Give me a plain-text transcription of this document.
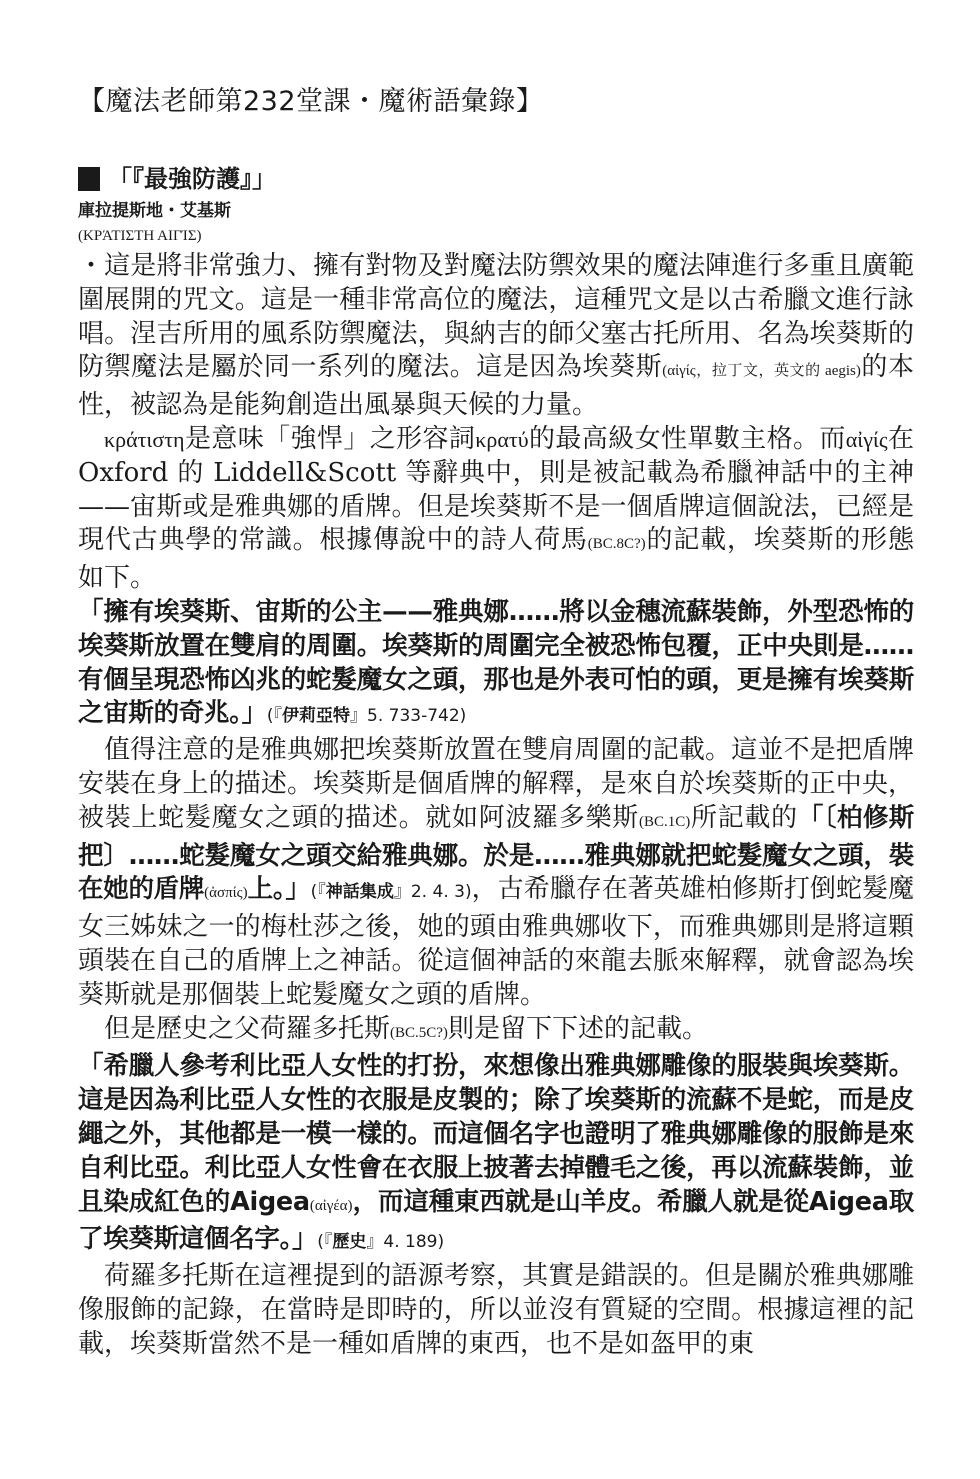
【魔法老師第232堂課・魔術語彙錄】
「『最強防護』」
庫拉提斯地・艾基斯
(ΚΡΆΤΙΣΤΗ ΑΙΓΊΣ)

・這是將非常強力、擁有對物及對魔法防禦效果的魔法陣進行多重且廣範圍展開的咒文。這是一種非常高位的魔法，這種咒文是以古希臘文進行詠唱。涅吉所用的風系防禦魔法，與納吉的師父塞古托所用、名為埃葵斯的防禦魔法是屬於同一系列的魔法。這是因為埃葵斯(αἰγίς，拉丁文，英文的 aegis)的本性，被認為是能夠創造出風暴與天候的力量。

κράτιστη是意味「強悍」之形容詞κρατύ的最高級女性單數主格。而αἰγίς在 Oxford 的 Liddell&Scott 等辭典中，則是被記載為希臘神話中的主神——宙斯或是雅典娜的盾牌。但是埃葵斯不是一個盾牌這個說法，已經是現代古典學的常識。根據傳說中的詩人荷馬(BC.8C?)的記載，埃葵斯的形態如下。

「擁有埃葵斯、宙斯的公主——雅典娜……將以金穗流蘇裝飾，外型恐怖的埃葵斯放置在雙肩的周圍。埃葵斯的周圍完全被恐怖包覆，正中央則是……有個呈現恐怖凶兆的蛇髮魔女之頭，那也是外表可怕的頭，更是擁有埃葵斯之宙斯的奇兆。」(『伊莉亞特』5. 733-742)

值得注意的是雅典娜把埃葵斯放置在雙肩周圍的記載。這並不是把盾牌安裝在身上的描述。埃葵斯是個盾牌的解釋，是來自於埃葵斯的正中央，被裝上蛇髮魔女之頭的描述。就如阿波羅多樂斯(BC.1C)所記載的「〔柏修斯把〕……蛇髮魔女之頭交給雅典娜。於是……雅典娜就把蛇髮魔女之頭，裝在她的盾牌(ἀσπίς)上。」(『神話集成』2. 4. 3)，古希臘存在著英雄柏修斯打倒蛇髮魔女三姊妹之一的梅杜莎之後，她的頭由雅典娜收下，而雅典娜則是將這顆頭裝在自己的盾牌上之神話。從這個神話的來龍去脈來解釋，就會認為埃葵斯就是那個裝上蛇髮魔女之頭的盾牌。

但是歷史之父荷羅多托斯(BC.5C?)則是留下下述的記載。

「希臘人參考利比亞人女性的打扮，來想像出雅典娜雕像的服裝與埃葵斯。這是因為利比亞人女性的衣服是皮製的；除了埃葵斯的流蘇不是蛇，而是皮繩之外，其他都是一模一樣的。而這個名字也證明了雅典娜雕像的服飾是來自利比亞。利比亞人女性會在衣服上披著去掉體毛之後，再以流蘇裝飾，並且染成紅色的Aigea(αἰγέα)，而這種東西就是山羊皮。希臘人就是從Aigea取了埃葵斯這個名字。」(『歷史』4. 189)

荷羅多托斯在這裡提到的語源考察，其實是錯誤的。但是關於雅典娜雕像服飾的記錄，在當時是即時的，所以並沒有質疑的空間。根據這裡的記載，埃葵斯當然不是一種如盾牌的東西，也不是如盔甲的東
